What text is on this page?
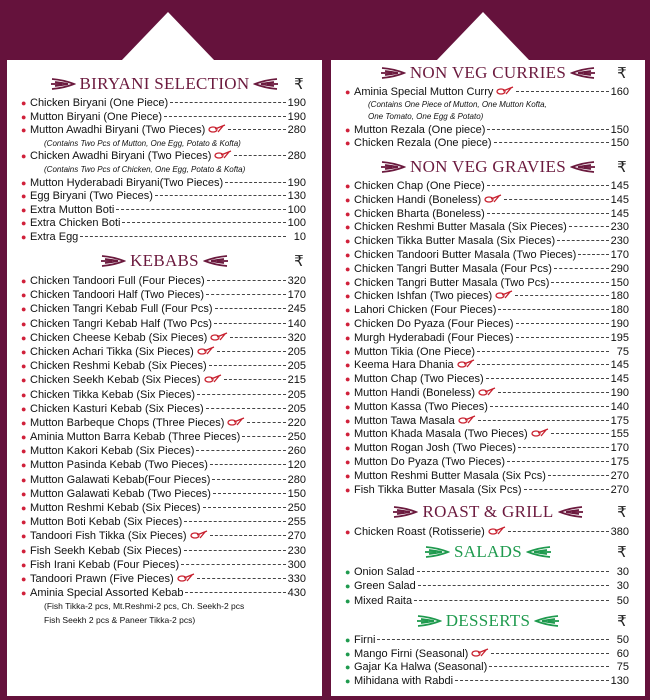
BIRYANI SELECTION	₹
● Chicken Biryani (One Piece)	190
● Mutton Biryani (One Piece)	190
● Mutton Awadhi Biryani (Two Pieces)	280
(Contains Two Pcs of Mutton, One Egg, Potato & Kofta)
● Chicken Awadhi Biryani (Two Pieces)	280
(Contains Two Pcs of Chicken, One Egg, Potato & Kofta)
● Mutton Hyderabadi Biryani(Two Pieces)	190
● Egg Biryani (Two Pieces)	130
● Extra Mutton Boti	100
● Extra Chicken Boti	100
● Extra Egg	10
KEBABS	₹
● Chicken Tandoori Full (Four Pieces)	320
● Chicken Tandoori Half (Two Pieces)	170
● Chicken Tangri Kebab Full (Four Pcs)	245
● Chicken Tangri Kebab Half (Two Pcs)	140
● Chicken Cheese Kebab (Six Pieces)	320
● Chicken Achari Tikka (Six Pieces)	205
● Chicken Reshmi Kebab (Six Pieces)	205
● Chicken Seekh Kebab (Six Pieces)	215
● Chicken Tikka Kebab (Six Pieces)	205
● Chicken Kasturi Kebab (Six Pieces)	205
● Mutton Barbeque Chops (Three Pieces)	220
● Aminia Mutton Barra Kebab (Three Pieces)	250
● Mutton Kakori Kebab (Six Pieces)	260
● Mutton Pasinda Kebab (Two Pieces)	120
● Mutton Galawati Kebab(Four Pieces)	280
● Mutton Galawati Kebab (Two Pieces)	150
● Mutton Reshmi Kebab (Six Pieces)	250
● Mutton Boti Kebab (Six Pieces)	255
● Tandoori Fish Tikka (Six Pieces)	270
● Fish Seekh Kebab (Six Pieces)	230
● Fish Irani Kebab (Four Pieces)	300
● Tandoori Prawn (Five Pieces)	330
● Aminia Special Assorted Kebab	430
(Fish Tikka-2 pcs, Mt.Reshmi-2 pcs, Ch. Seekh-2 pcs
Fish Seekh 2 pcs & Paneer Tikka-2 pcs)
NON VEG CURRIES	₹
● Aminia Special Mutton Curry	160
(Contains One Piece of Mutton, One Mutton Kofta,
One Tomato, One Egg & Potato)
● Mutton Rezala (One piece)	150
● Chicken Rezala (One piece)	150
NON VEG GRAVIES	₹
● Chicken Chap (One Piece)	145
● Chicken Handi (Boneless)	145
● Chicken Bharta (Boneless)	145
● Chicken Reshmi Butter Masala (Six Pieces)	230
● Chicken Tikka Butter Masala (Six Pieces)	230
● Chicken Tandoori Butter Masala (Two Pieces)	170
● Chicken Tangri Butter Masala (Four Pcs)	290
● Chicken Tangri Butter Masala (Two Pcs)	150
● Chicken Ishfan (Two pieces)	180
● Lahori Chicken (Four Pieces)	180
● Chicken Do Pyaza (Four Pieces)	190
● Murgh Hyderabadi (Four Pieces)	195
● Mutton Tikia (One Piece)	75
● Keema Hara Dhania	145
● Mutton Chap (Two Pieces)	145
● Mutton Handi (Boneless)	190
● Mutton Kassa (Two Pieces)	140
● Mutton Tawa Masala	175
● Mutton Khada Masala (Two Pieces)	155
● Mutton Rogan Josh (Two Pieces)	170
● Mutton Do Pyaza (Two Pieces)	175
● Mutton Reshmi Butter Masala (Six Pcs)	270
● Fish Tikka Butter Masala (Six Pcs)	270
ROAST & GRILL	₹
● Chicken Roast (Rotisserie)	380
SALADS	₹
● Onion Salad	30
● Green Salad	30
● Mixed Raita	50
DESSERTS	₹
● Firni	50
● Mango Firni (Seasonal)	60
● Gajar Ka Halwa (Seasonal)	75
● Mihidana with Rabdi	130
